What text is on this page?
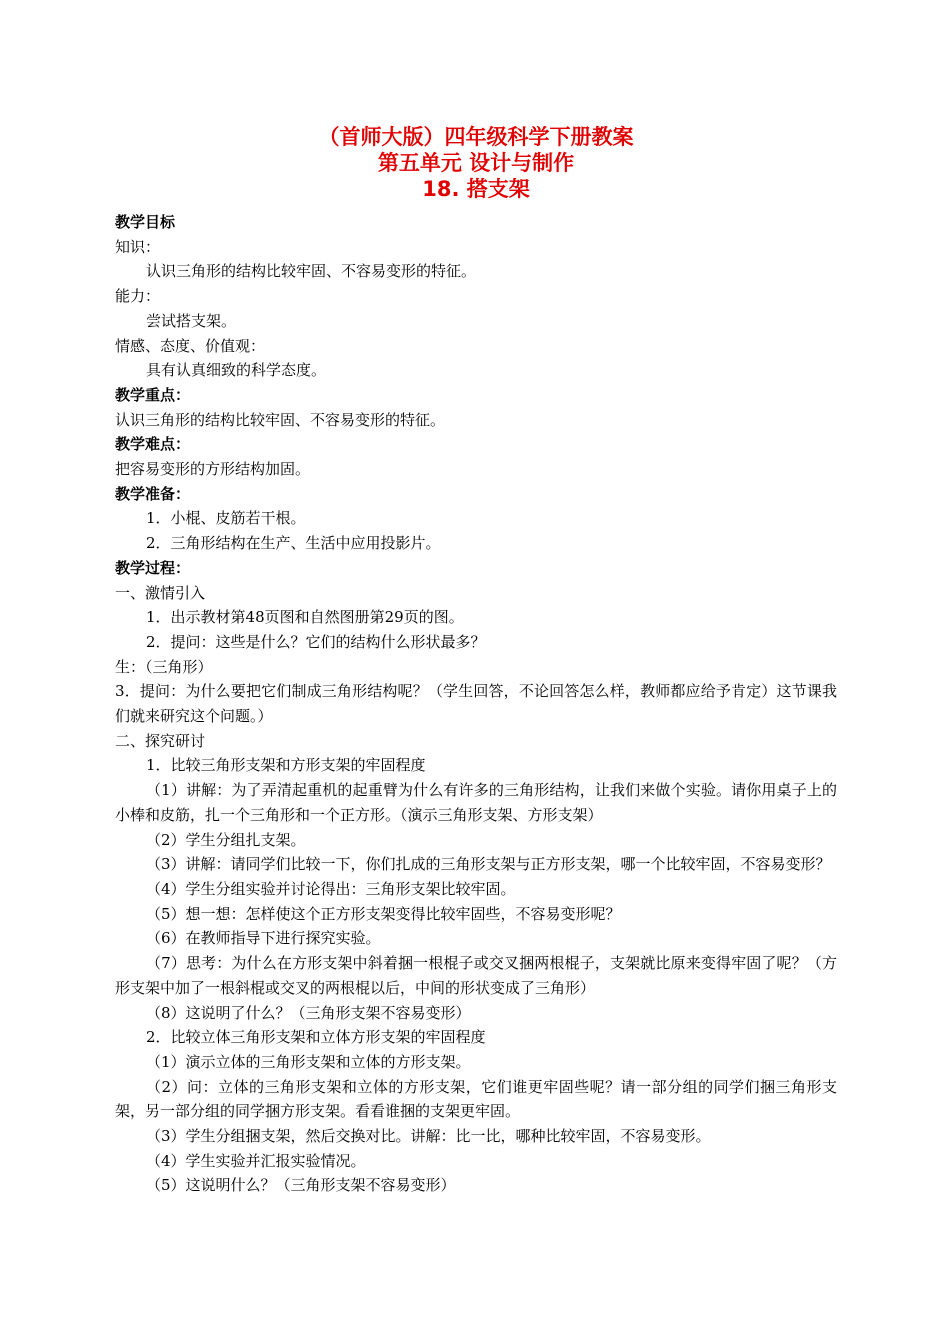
（首师大版）四年级科学下册教案
第五单元 设计与制作
18. 搭支架
教学目标
知识：
认识三角形的结构比较牢固、不容易变形的特征。
能力：
尝试搭支架。
情感、态度、价值观：
具有认真细致的科学态度。
教学重点：
认识三角形的结构比较牢固、不容易变形的特征。
教学难点：
把容易变形的方形结构加固。
教学准备：
1．小棍、皮筋若干根。
2．三角形结构在生产、生活中应用投影片。
教学过程：
一、激情引入
1．出示教材第48页图和自然图册第29页的图。
2．提问：这些是什么？它们的结构什么形状最多？
生：（三角形）
3．提问：为什么要把它们制成三角形结构呢？（学生回答，不论回答怎么样，教师都应给予肯定）这节课我们就来研究这个问题。）
二、探究研讨
1．比较三角形支架和方形支架的牢固程度
（1）讲解：为了弄清起重机的起重臂为什么有许多的三角形结构，让我们来做个实验。请你用桌子上的小棒和皮筋，扎一个三角形和一个正方形。（演示三角形支架、方形支架）
（2）学生分组扎支架。
（3）讲解：请同学们比较一下，你们扎成的三角形支架与正方形支架，哪一个比较牢固，不容易变形？
（4）学生分组实验并讨论得出：三角形支架比较牢固。
（5）想一想：怎样使这个正方形支架变得比较牢固些，不容易变形呢？
（6）在教师指导下进行探究实验。
（7）思考：为什么在方形支架中斜着捆一根棍子或交叉捆两根棍子，支架就比原来变得牢固了呢？（方形支架中加了一根斜棍或交叉的两根棍以后，中间的形状变成了三角形）
（8）这说明了什么？（三角形支架不容易变形）
2．比较立体三角形支架和立体方形支架的牢固程度
（1）演示立体的三角形支架和立体的方形支架。
（2）问：立体的三角形支架和立体的方形支架，它们谁更牢固些呢？请一部分组的同学们捆三角形支架，另一部分组的同学捆方形支架。看看谁捆的支架更牢固。
（3）学生分组捆支架，然后交换对比。讲解：比一比，哪种比较牢固，不容易变形。
（4）学生实验并汇报实验情况。
（5）这说明什么？（三角形支架不容易变形）
